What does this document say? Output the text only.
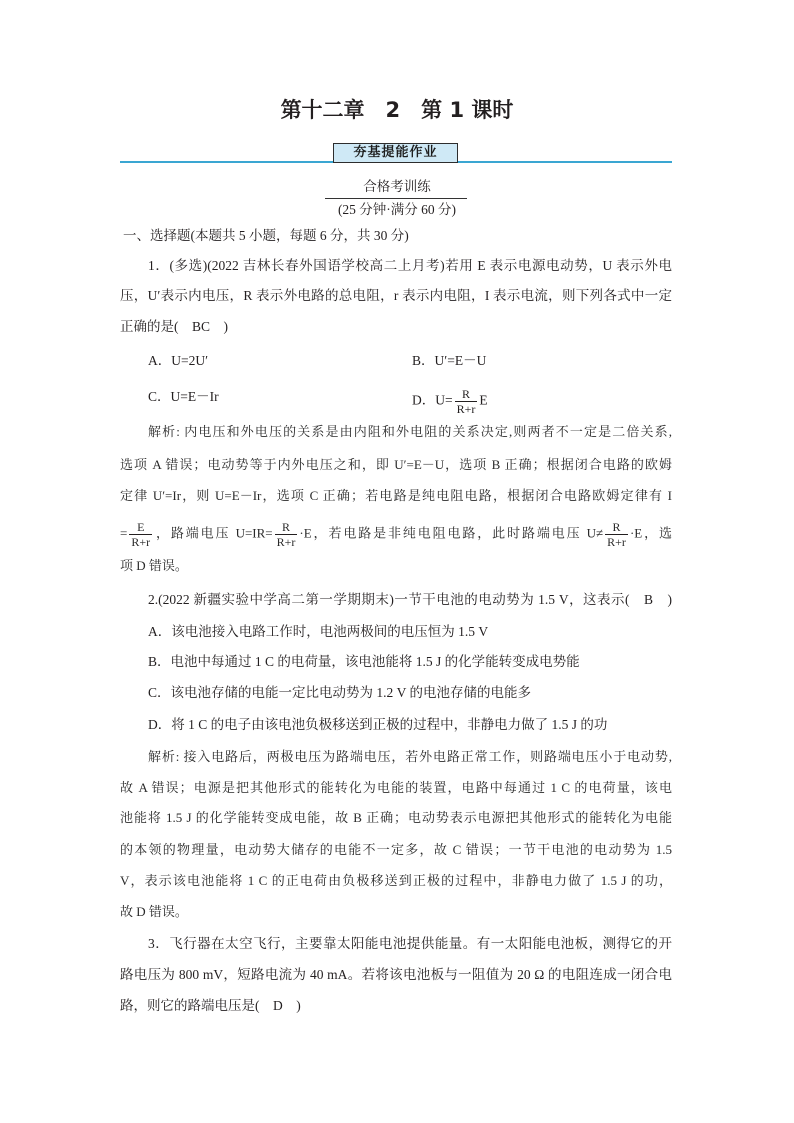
第十二章　2　第 1 课时
夯基提能作业
合格考训练
(25 分钟·满分 60 分)
一、选择题(本题共 5 小题，每题 6 分，共 30 分)
1．(多选)(2022 吉林长春外国语学校高二上月考)若用 E 表示电源电动势，U 表示外电
压，U′表示内电压，R 表示外电路的总电阻，r 表示内电阻，I 表示电流，则下列各式中一定
正确的是(　BC　)
A．U=2U′	B．U′=E－U
C．U=E－Ir	D．$U= \frac{R}{R+r}$ E
解析: 内电压和外电压的关系是由内阻和外电阻的关系决定,则两者不一定是二倍关系,
选项 A 错误；电动势等于内外电压之和，即 U′=E－U，选项 B 正确；根据闭合电路的欧姆
定律 U′=Ir，则 U=E－Ir，选项 C 正确；若电路是纯电阻电路，根据闭合电路欧姆定律有 I
= $\frac{E}{R+r}$ ，路端电压 $U=IR= \frac{R}{R+r} \cdot E$，若电路是非纯电阻电路，此时路端电压 $U\ne \frac{R}{R+r} \cdot E$，选
项 D 错误。
2.(2022 新疆实验中学高二第一学期期末)一节干电池的电动势为 1.5 V，这表示(　B　)
A．该电池接入电路工作时，电池两极间的电压恒为 1.5 V
B．电池中每通过 1 C 的电荷量，该电池能将 1.5 J 的化学能转变成电势能
C．该电池存储的电能一定比电动势为 1.2 V 的电池存储的电能多
D．将 1 C 的电子由该电池负极移送到正极的过程中，非静电力做了 1.5 J 的功
解析: 接入电路后，两极电压为路端电压，若外电路正常工作，则路端电压小于电动势,
故 A 错误；电源是把其他形式的能转化为电能的装置，电路中每通过 1 C 的电荷量，该电
池能将 1.5 J 的化学能转变成电能，故 B 正确；电动势表示电源把其他形式的能转化为电能
的本领的物理量，电动势大储存的电能不一定多，故 C 错误；一节干电池的电动势为 1.5
V，表示该电池能将 1 C 的正电荷由负极移送到正极的过程中，非静电力做了 1.5 J 的功，
故 D 错误。
3．飞行器在太空飞行，主要靠太阳能电池提供能量。有一太阳能电池板，测得它的开
路电压为 800 mV，短路电流为 40 mA。若将该电池板与一阻值为 20 Ω 的电阻连成一闭合电
路，则它的路端电压是(　D　)
